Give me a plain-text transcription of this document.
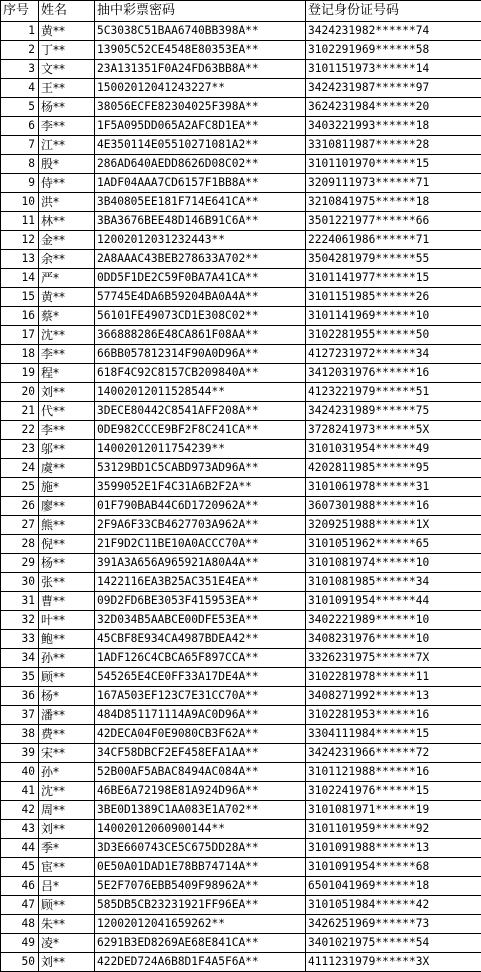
序号	姓名	抽中彩票密码	登记身份证号码
1	黄**	5C3038C51BAA6740BB398A**	3424231982******74
2	丁**	13905C52CE4548E80353EA**	3102291969******58
3	文**	23A131351F0A24FD63BB8A**	3101151973******14
4	王**	15002012041243227**	3424231987******97
5	杨**	38056ECFE82304025F398A**	3624231984******20
6	李**	1F5A095DD065A2AFC8D1EA**	3403221993******18
7	江**	4E350114E05510271081A2**	3310811987******28
8	殷*	286AD640AEDD8626D08C02**	3101101970******15
9	侍**	1ADF04AAA7CD6157F1BB8A**	3209111973******71
10	洪*	3B40805EE181F714E641CA**	3210841975******18
11	林**	3BA3676BEE48D146B91C6A**	3501221977******66
12	金**	12002012031232443**	2224061986******71
13	余**	2A8AAAC43BEB278633A702**	3504281979******55
14	严*	0DD5F1DE2C59F0BA7A41CA**	3101141977******15
15	黄**	57745E4DA6B59204BA0A4A**	3101151985******26
16	蔡*	56101FE49073CD1E308C02**	3101141969******10
17	沈**	366888286E48CA861F08AA**	3102281955******50
18	李**	66BB057812314F90A0D96A**	4127231972******34
19	程*	618F4C92C8157CB209840A**	3412031976******16
20	刘**	14002012011528544**	4123221979******51
21	代**	3DECE80442C8541AFF208A**	3424231989******75
22	李**	0DE982CCCE9BF2F8C241CA**	3728241973******5X
23	邬**	14002012011754239**	3101031954******49
24	虞**	53129BD1C5CABD973AD96A**	4202811985******95
25	施*	3599052E1F4C31A6B2F2A**	3101061978******31
26	廖**	01F790BAB44C6D1720962A**	3607301988******16
27	熊**	2F9A6F33CB4627703A962A**	3209251988******1X
28	倪**	21F9D2C11BE10A0ACCC70A**	3101051962******65
29	杨**	391A3A656A965921A80A4A**	3101081974******10
30	张**	1422116EA3B25AC351E4EA**	3101081985******34
31	曹**	09D2FD6BE3053F415953EA**	3101091954******44
32	叶**	32D034B5AABCE00DFE53EA**	3402221989******10
33	鲍**	45CBF8E934CA4987BDEA42**	3408231976******10
34	孙**	1ADF126C4CBCA65F897CCA**	3326231975******7X
35	顾**	545265E4CE0FF33A17DE4A**	3102281978******11
36	杨*	167A503EF123C7E31CC70A**	3408271992******13
37	潘**	484D851171114A9AC0D96A**	3102281953******16
38	费**	42DECA04F0E9080CB3F62A**	3304111984******15
39	宋**	34CF58DBCF2EF458EFA1AA**	3424231966******72
40	孙*	52B00AF5ABAC8494AC084A**	3101121988******16
41	沈**	46BE6A72198E81A924D96A**	3102241976******15
42	周**	3BE0D1389C1AA083E1A702**	3101081971******19
43	刘**	14002012060900144**	3101101959******92
44	季*	3D3E660743CE5C675DD28A**	3101091988******13
45	宦**	0E50A01DAD1E78BB74714A**	3101091954******68
46	吕*	5E2F7076EBB5409F98962A**	6501041969******18
47	顾**	585DB5CB23231921FF96EA**	3101051984******42
48	朱**	12002012041659262**	3426251969******73
49	凌*	6291B3ED8269AE68E841CA**	3401021975******54
50	刘**	422DED724A6B8D1F4A5F6A**	4111231979******3X
